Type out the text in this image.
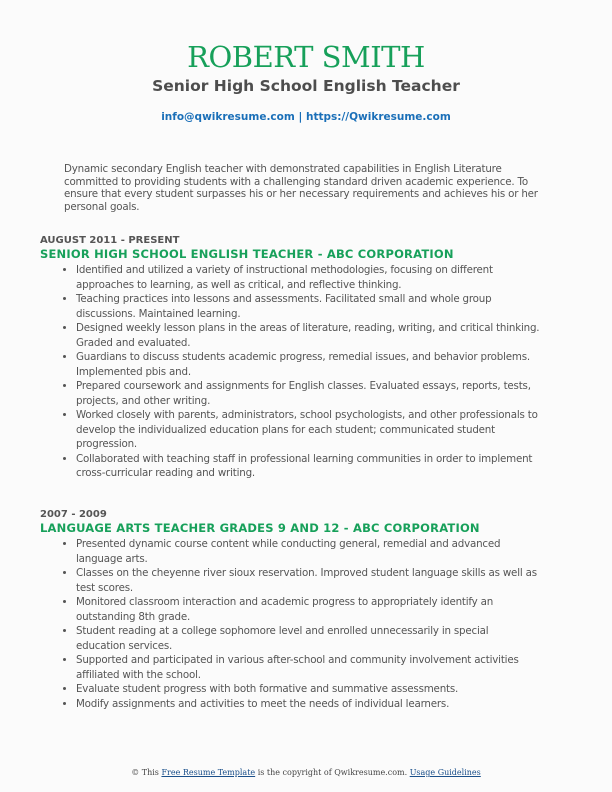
ROBERT SMITH
Senior High School English Teacher
info@qwikresume.com | https://Qwikresume.com
Dynamic secondary English teacher with demonstrated capabilities in English Literature committed to providing students with a challenging standard driven academic experience. To ensure that every student surpasses his or her necessary requirements and achieves his or her personal goals.
AUGUST 2011 - PRESENT
SENIOR HIGH SCHOOL ENGLISH TEACHER - ABC CORPORATION
• Identified and utilized a variety of instructional methodologies, focusing on different approaches to learning, as well as critical, and reflective thinking.
• Teaching practices into lessons and assessments. Facilitated small and whole group discussions. Maintained learning.
• Designed weekly lesson plans in the areas of literature, reading, writing, and critical thinking. Graded and evaluated.
• Guardians to discuss students academic progress, remedial issues, and behavior problems. Implemented pbis and.
• Prepared coursework and assignments for English classes. Evaluated essays, reports, tests, projects, and other writing.
• Worked closely with parents, administrators, school psychologists, and other professionals to develop the individualized education plans for each student; communicated student progression.
• Collaborated with teaching staff in professional learning communities in order to implement cross-curricular reading and writing.
2007 - 2009
LANGUAGE ARTS TEACHER GRADES 9 AND 12 - ABC CORPORATION
• Presented dynamic course content while conducting general, remedial and advanced language arts.
• Classes on the cheyenne river sioux reservation. Improved student language skills as well as test scores.
• Monitored classroom interaction and academic progress to appropriately identify an outstanding 8th grade.
• Student reading at a college sophomore level and enrolled unnecessarily in special education services.
• Supported and participated in various after-school and community involvement activities affiliated with the school.
• Evaluate student progress with both formative and summative assessments.
• Modify assignments and activities to meet the needs of individual learners.
© This Free Resume Template is the copyright of Qwikresume.com. Usage Guidelines
